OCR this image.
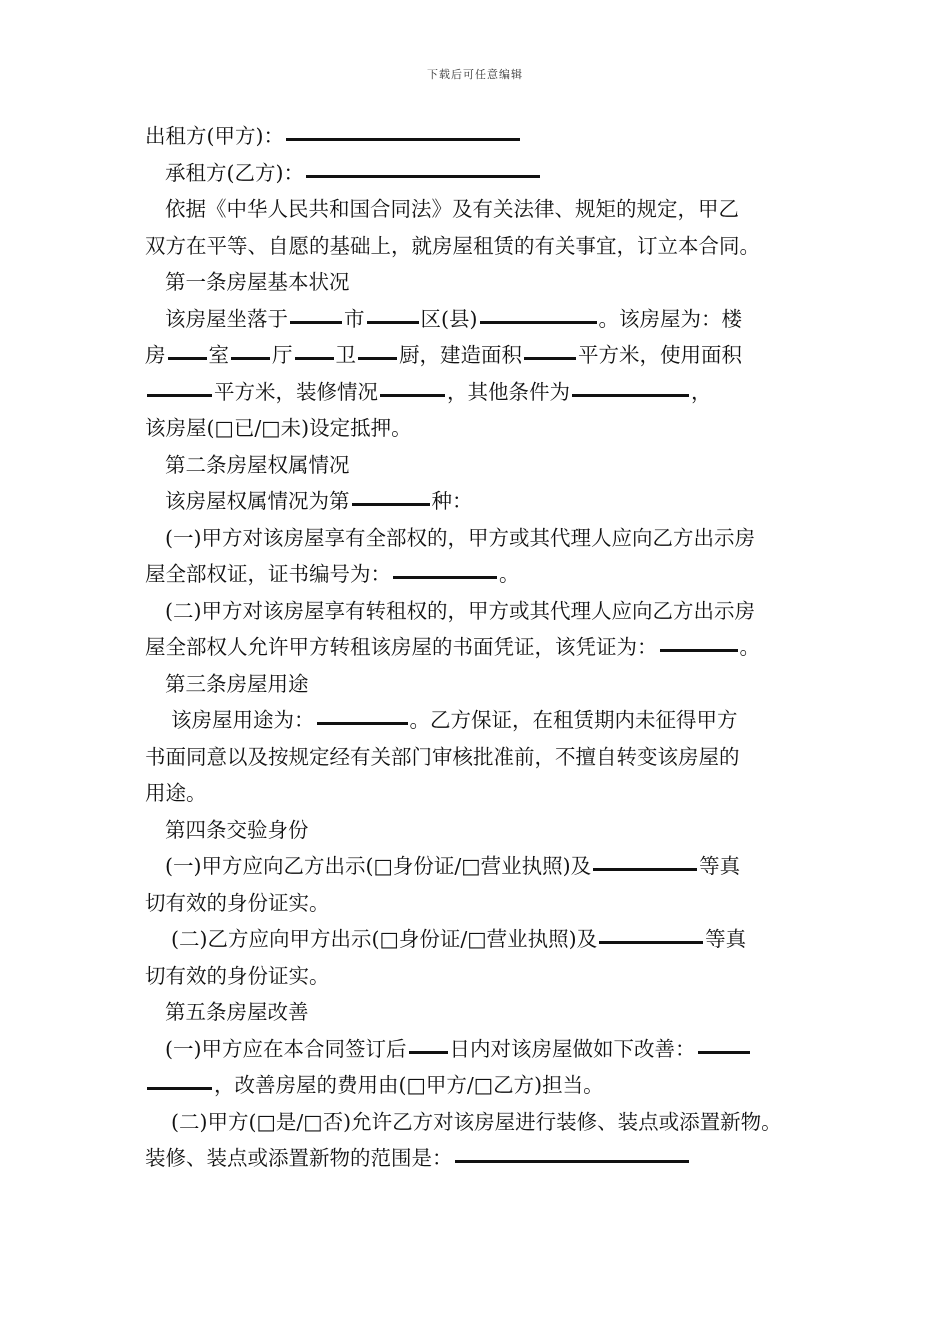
下载后可任意编辑
出租方(甲方)：
承租方(乙方)：
依据《中华人民共和国合同法》及有关法律、规矩的规定，甲乙
双方在平等、自愿的基础上，就房屋租赁的有关事宜，订立本合同。
第一条房屋基本状况
该房屋坐落于	市	区(县)	。该房屋为：楼
房 室 厅 卫 厨，建造面积	平方米，使用面积
平方米，装修情况	，其他条件为	，
该房屋(□已/□未)设定抵押。
第二条房屋权属情况
该房屋权属情况为第	种：
(一)甲方对该房屋享有全部权的，甲方或其代理人应向乙方出示房
屋全部权证，证书编号为：	。
(二)甲方对该房屋享有转租权的，甲方或其代理人应向乙方出示房
屋全部权人允许甲方转租该房屋的书面凭证，该凭证为：	。
第三条房屋用途
该房屋用途为：	。乙方保证，在租赁期内未征得甲方
书面同意以及按规定经有关部门审核批准前，不擅自转变该房屋的
用途。
第四条交验身份
(一)甲方应向乙方出示(□身份证/□营业执照)及	等真
切有效的身份证实。
(二)乙方应向甲方出示(□身份证/□营业执照)及	等真
切有效的身份证实。
第五条房屋改善
(一)甲方应在本合同签订后 日内对该房屋做如下改善：
，改善房屋的费用由(□甲方/□乙方)担当。
(二)甲方(□是/□否)允许乙方对该房屋进行装修、装点或添置新物。
装修、装点或添置新物的范围是：
